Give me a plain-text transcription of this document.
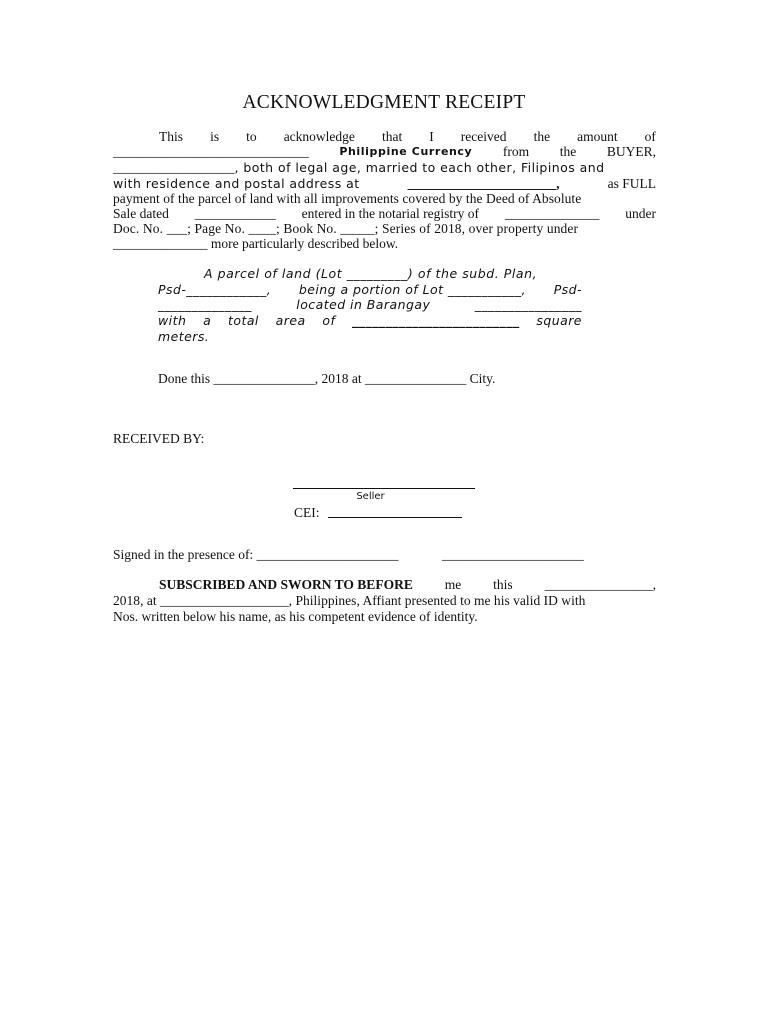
ACKNOWLEDGMENT RECEIPT
This is to acknowledge that I received the amount of
_____________________________	Philippine Currency from the BUYER,
__________________, both of legal age, married to each other, Filipinos and
with residence and postal address at	______________________,	as FULL
payment of the parcel of land with all improvements covered by the Deed of Absolute
Sale dated ____________ entered in the notarial registry of ______________ under
Doc. No. ___; Page No. ____; Book No. _____; Series of 2018, over property under
______________ more particularly described below.
A parcel of land (Lot _________) of the subd. Plan,
Psd-____________, being a portion of Lot ___________, Psd-
______________	located in Barangay	________________
with a total area of _________________________ square
meters.
Done this _______________, 2018 at _______________ City.
RECEIVED BY:
Seller
CEI:
Signed in the presence of: _____________________	_____________________
SUBSCRIBED AND SWORN TO BEFORE me this ________________,
2018, at ___________________, Philippines, Affiant presented to me his valid ID with
Nos. written below his name, as his competent evidence of identity.
